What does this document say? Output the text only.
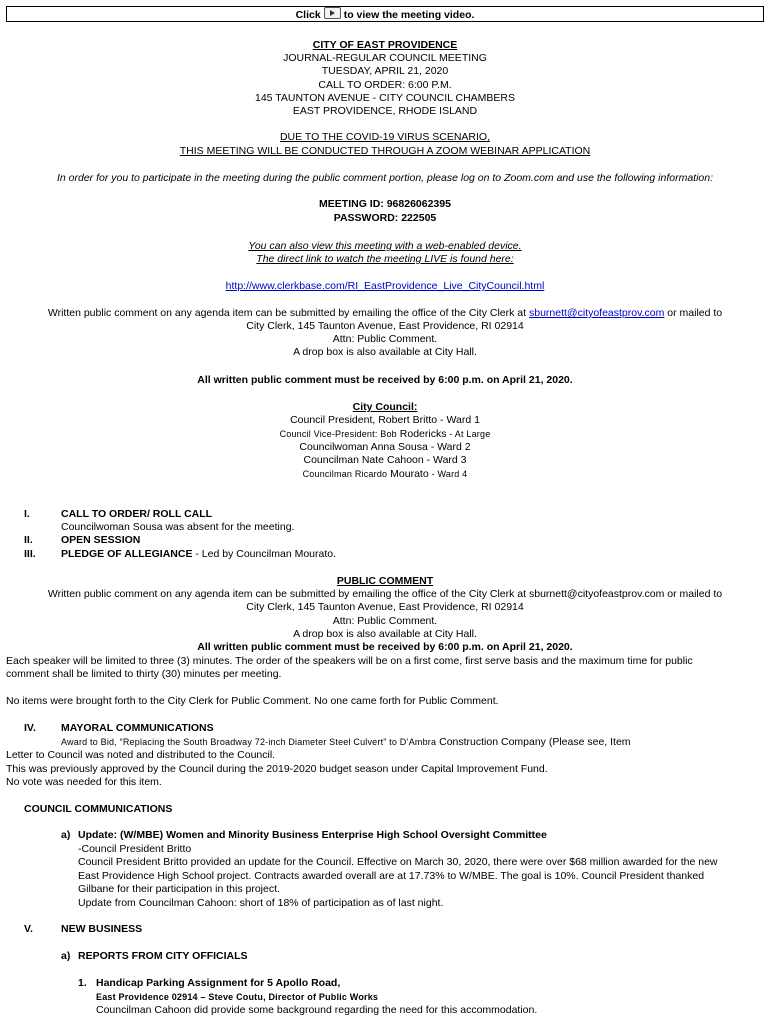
Click to view the meeting video.
CITY OF EAST PROVIDENCE
JOURNAL-REGULAR COUNCIL MEETING
TUESDAY, APRIL 21, 2020
CALL TO ORDER: 6:00 P.M.
145 TAUNTON AVENUE - CITY COUNCIL CHAMBERS
EAST PROVIDENCE, RHODE ISLAND
DUE TO THE COVID-19 VIRUS SCENARIO,
THIS MEETING WILL BE CONDUCTED THROUGH A ZOOM WEBINAR APPLICATION
In order for you to participate in the meeting during the public comment portion, please log on to Zoom.com and use the following information:
MEETING ID: 96826062395
PASSWORD: 222505
You can also view this meeting with a web-enabled device.
The direct link to watch the meeting LIVE is found here:
http://www.clerkbase.com/RI_EastProvidence_Live_CityCouncil.html
Written public comment on any agenda item can be submitted by emailing the office of the City Clerk at sburnett@cityofeastprov.com or mailed to
City Clerk, 145 Taunton Avenue, East Providence, RI 02914
Attn: Public Comment.
A drop box is also available at City Hall.
All written public comment must be received by 6:00 p.m. on April 21, 2020.
City Council:
Council President, Robert Britto - Ward 1
Council Vice-President: Bob Rodericks - At Large
Councilwoman Anna Sousa - Ward 2
Councilman Nate Cahoon - Ward 3
Councilman Ricardo Mourato - Ward 4
I.	CALL TO ORDER/ ROLL CALL
Councilwoman Sousa was absent for the meeting.
II.	OPEN SESSION
III. PLEDGE OF ALLEGIANCE - Led by Councilman Mourato.
PUBLIC COMMENT
Written public comment on any agenda item can be submitted by emailing the office of the City Clerk at sburnett@cityofeastprov.com or mailed to
City Clerk, 145 Taunton Avenue, East Providence, RI 02914
Attn: Public Comment.
A drop box is also available at City Hall.
All written public comment must be received by 6:00 p.m. on April 21, 2020.
Each speaker will be limited to three (3) minutes. The order of the speakers will be on a first come, first serve basis and the maximum time for public
comment shall be limited to thirty (30) minutes per meeting.
No items were brought forth to the City Clerk for Public Comment. No one came forth for Public Comment.
IV. MAYORAL COMMUNICATIONS
Award to Bid, “Replacing the South Broadway 72-inch Diameter Steel Culvert” to D’Ambra Construction Company (Please see, Item
Letter to Council was noted and distributed to the Council.
This was previously approved by the Council during the 2019-2020 budget season under Capital Improvement Fund.
No vote was needed for this item.
COUNCIL COMMUNICATIONS
a) Update: (W/MBE) Women and Minority Business Enterprise High School Oversight Committee
-Council President Britto
Council President Britto provided an update for the Council. Effective on March 30, 2020, there were over $68 million awarded for the new
East Providence High School project. Contracts awarded overall are at 17.73% to W/MBE. The goal is 10%. Council President thanked
Gilbane for their participation in this project.
Update from Councilman Cahoon: short of 18% of participation as of last night.
V.	NEW BUSINESS
a) REPORTS FROM CITY OFFICIALS
1. Handicap Parking Assignment for 5 Apollo Road,
East Providence 02914 – Steve Coutu, Director of Public Works
Councilman Cahoon did provide some background regarding the need for this accommodation.
